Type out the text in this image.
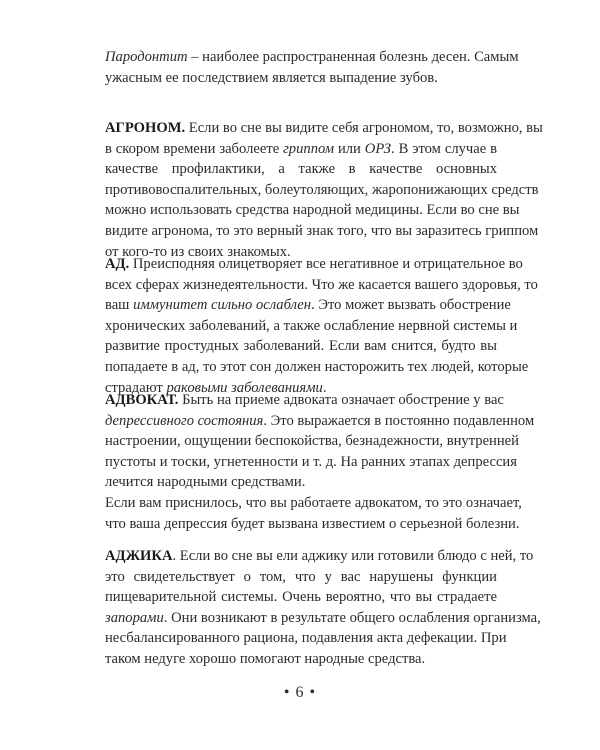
Пародонтит – наиболее распространенная болезнь десен. Самым
ужасным ее последствием является выпадение зубов.
АГРОНОМ. Если во сне вы видите себя агрономом, то, возможно, вы
в скором времени заболеете гриппом или ОРЗ. В этом случае в
качестве профилактики, а также в качестве основных
противовоспалительных, болеутоляющих, жаропонижающих средств
можно использовать средства народной медицины. Если во сне вы
видите агронома, то это верный знак того, что вы заразитесь гриппом
от кого-то из своих знакомых.
АД. Преисподняя олицетворяет все негативное и отрицательное во
всех сферах жизнедеятельности. Что же касается вашего здоровья, то
ваш иммунитет сильно ослаблен. Это может вызвать обострение
хронических заболеваний, а также ослабление нервной системы и
развитие простудных заболеваний. Если вам снится, будто вы
попадаете в ад, то этот сон должен насторожить тех людей, которые
страдают раковыми заболеваниями.
АДВОКАТ. Быть на приеме адвоката означает обострение у вас
депрессивного состояния. Это выражается в постоянно подавленном
настроении, ощущении беспокойства, безнадежности, внутренней
пустоты и тоски, угнетенности и т. д. На ранних этапах депрессия
лечится народными средствами.
Если вам приснилось, что вы работаете адвокатом, то это означает,
что ваша депрессия будет вызвана известием о серьезной болезни.
АДЖИКА. Если во сне вы ели аджику или готовили блюдо с ней, то
это свидетельствует о том, что у вас нарушены функции
пищеварительной системы. Очень вероятно, что вы страдаете
запорами. Они возникают в результате общего ослабления организма,
несбалансированного рациона, подавления акта дефекации. При
таком недуге хорошо помогают народные средства.
• 6 •
